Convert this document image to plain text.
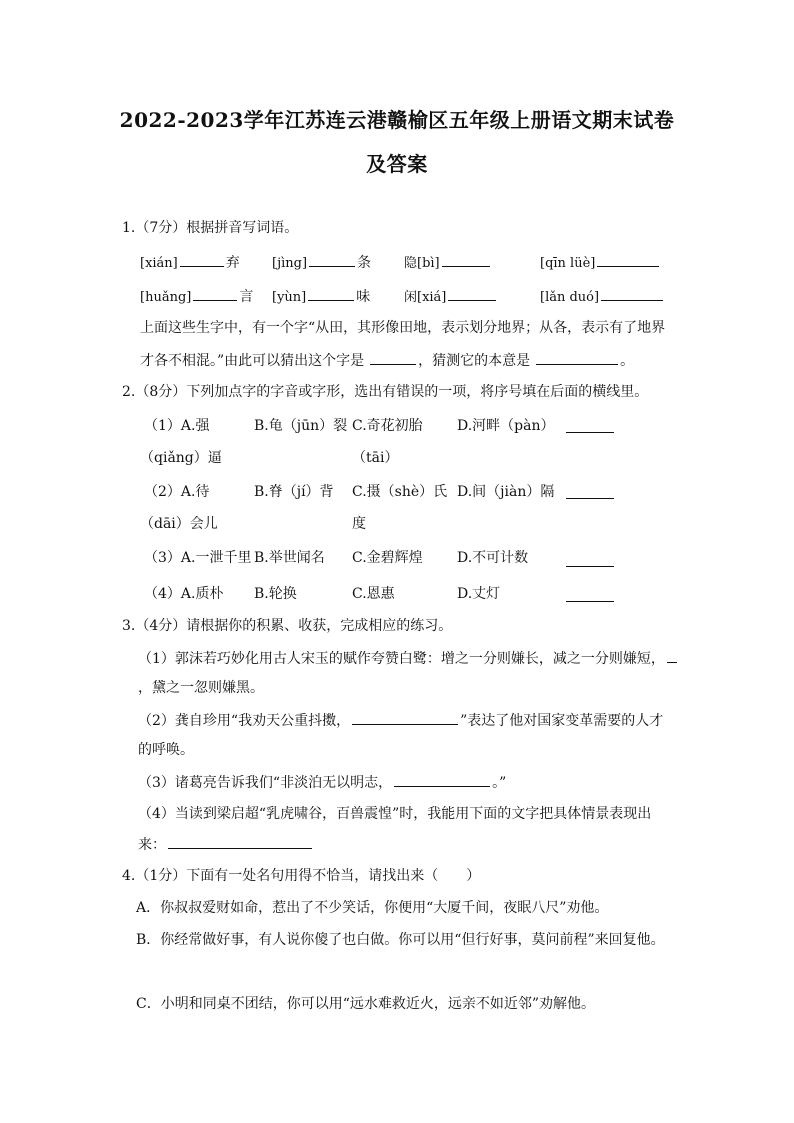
2022-2023学年江苏连云港赣榆区五年级上册语文期末试卷
及答案
1.（7分）根据拼音写词语。
[xián]	弃 [jìng]	条	隐[bì]	[qīn lüè]
[huǎng]	言 [yùn]	味	闲[xiá]	[lǎn duó]
上面这些生字中，有一个字“从田，其形像田地，表示划分地界；从各，表示有了地界
才各不相混。”由此可以猜出这个字是	，猜测它的本意是	。
2.（8分）下列加点字的字音或字形，选出有错误的一项，将序号填在后面的横线里。
（1）A.强	B.龟（jūn）裂 C.奇花初胎 D.河畔（pàn）
（qiǎng）逼	（tāi）
（2）A.待	B.脊（jí）背 C.摄（shè）氏 D.间（jiàn）隔
（dāi）会儿	度
（3）A.一泄千里 B.举世闻名 C.金碧辉煌 D.不可计数
（4）A.质朴 B.轮换	C.恩惠	D.丈灯
3.（4分）请根据你的积累、收获，完成相应的练习。
（1）郭沫若巧妙化用古人宋玉的赋作夸赞白鹭：增之一分则嫌长，减之一分则嫌短，
，黛之一忽则嫌黑。
（2）龚自珍用“我劝天公重抖擞，	”表达了他对国家变革需要的人才
的呼唤。
（3）诸葛亮告诉我们“非淡泊无以明志，	。”
（4）当读到梁启超“乳虎啸谷，百兽震惶”时，我能用下面的文字把具体情景表现出
来：
4.（1分）下面有一处名句用得不恰当，请找出来（　　）
A．你叔叔爱财如命，惹出了不少笑话，你便用“大厦千间，夜眠八尺”劝他。
B．你经常做好事，有人说你傻了也白做。你可以用“但行好事，莫问前程”来回复他。
C．小明和同桌不团结，你可以用“远水难救近火，远亲不如近邻”劝解他。
